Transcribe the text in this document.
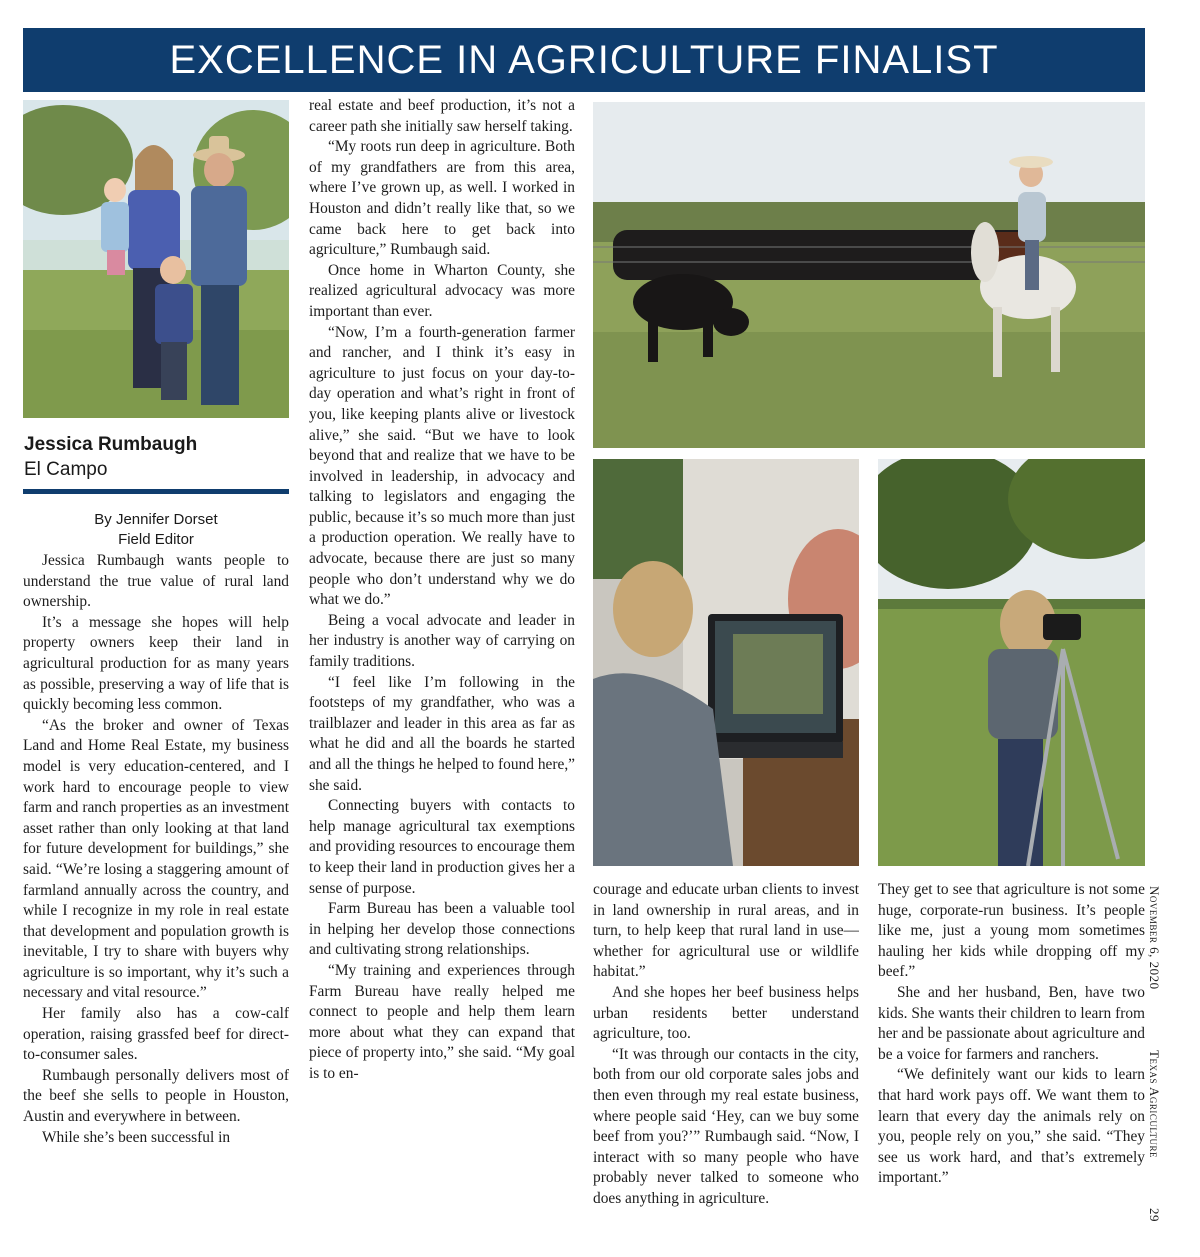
EXCELLENCE IN AGRICULTURE FINALIST
Jessica Rumbaugh
El Campo
By Jennifer Dorset
Field Editor

Jessica Rumbaugh wants people to understand the true value of rural land ownership.

It’s a message she hopes will help property owners keep their land in agricultural production for as many years as possible, preserving a way of life that is quickly becoming less common.

“As the broker and owner of Texas Land and Home Real Estate, my business model is very education-centered, and I work hard to encourage people to view farm and ranch properties as an investment asset rather than only looking at that land for future development for buildings,” she said. “We’re losing a staggering amount of farmland annually across the country, and while I recognize in my role in real estate that development and population growth is inevitable, I try to share with buyers why agriculture is so important, why it’s such a necessary and vital resource.”

Her family also has a cow-calf operation, raising grassfed beef for direct-to-consumer sales.

Rumbaugh personally delivers most of the beef she sells to people in Houston, Austin and everywhere in between.

While she’s been successful in

real estate and beef production, it’s not a career path she initially saw herself taking.

“My roots run deep in agriculture. Both of my grandfathers are from this area, where I’ve grown up, as well. I worked in Houston and didn’t really like that, so we came back here to get back into agriculture,” Rumbaugh said.

Once home in Wharton County, she realized agricultural advocacy was more important than ever.

“Now, I’m a fourth-generation farmer and rancher, and I think it’s easy in agriculture to just focus on your day-to-day operation and what’s right in front of you, like keeping plants alive or livestock alive,” she said. “But we have to look beyond that and realize that we have to be involved in leadership, in advocacy and talking to legislators and engaging the public, because it’s so much more than just a production operation. We really have to advocate, because there are just so many people who don’t understand why we do what we do.”

Being a vocal advocate and leader in her industry is another way of carrying on family traditions.

“I feel like I’m following in the footsteps of my grandfather, who was a trailblazer and leader in this area as far as what he did and all the boards he started and all the things he helped to found here,” she said.

Connecting buyers with contacts to help manage agricultural tax exemptions and providing resources to encourage them to keep their land in production gives her a sense of purpose.

Farm Bureau has been a valuable tool in helping her develop those connections and cultivating strong relationships.

“My training and experiences through Farm Bureau have really helped me connect to people and help them learn more about what they can expand that piece of property into,” she said. “My goal is to en-

courage and educate urban clients to invest in land ownership in rural areas, and in turn, to help keep that rural land in use—whether for agricultural use or wildlife habitat.”

And she hopes her beef business helps urban residents better understand agriculture, too.

“It was through our contacts in the city, both from our old corporate sales jobs and then even through my real estate business, where people said ‘Hey, can we buy some beef from you?’” Rumbaugh said. “Now, I interact with so many people who have probably never talked to someone who does anything in agriculture.

They get to see that agriculture is not some huge, corporate-run business. It’s people like me, just a young mom sometimes hauling her kids while dropping off my beef.”

She and her husband, Ben, have two kids. She wants their children to learn from her and be passionate about agriculture and be a voice for farmers and ranchers.

“We definitely want our kids to learn that hard work pays off. We want them to learn that every day the animals rely on you, people rely on you,” she said. “They see us work hard, and that’s extremely important.”

November 6, 2020
Texas Agriculture
29
